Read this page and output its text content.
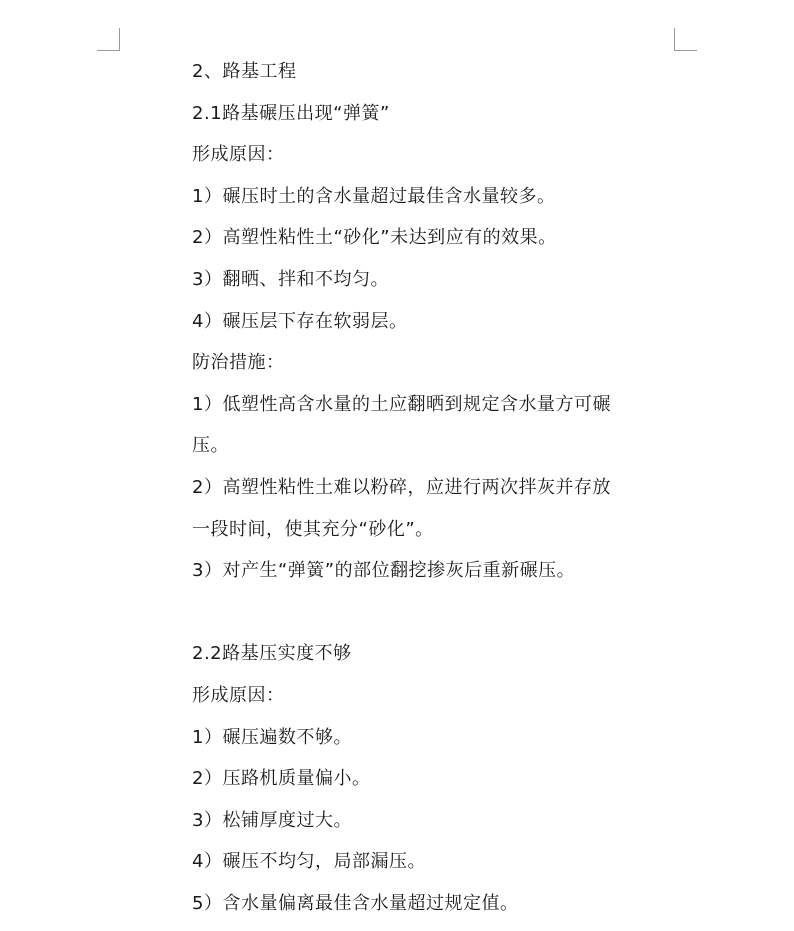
2、路基工程
2.1路基碾压出现“弹簧”
形成原因：
1）碾压时土的含水量超过最佳含水量较多。
2）高塑性粘性土“砂化”未达到应有的效果。
3）翻晒、拌和不均匀。
4）碾压层下存在软弱层。
防治措施：
1）低塑性高含水量的土应翻晒到规定含水量方可碾
压。
2）高塑性粘性土难以粉碎，应进行两次拌灰并存放
一段时间，使其充分“砂化”。
3）对产生“弹簧”的部位翻挖掺灰后重新碾压。
2.2路基压实度不够
形成原因：
1）碾压遍数不够。
2）压路机质量偏小。
3）松铺厚度过大。
4）碾压不均匀，局部漏压。
5）含水量偏离最佳含水量超过规定值。
